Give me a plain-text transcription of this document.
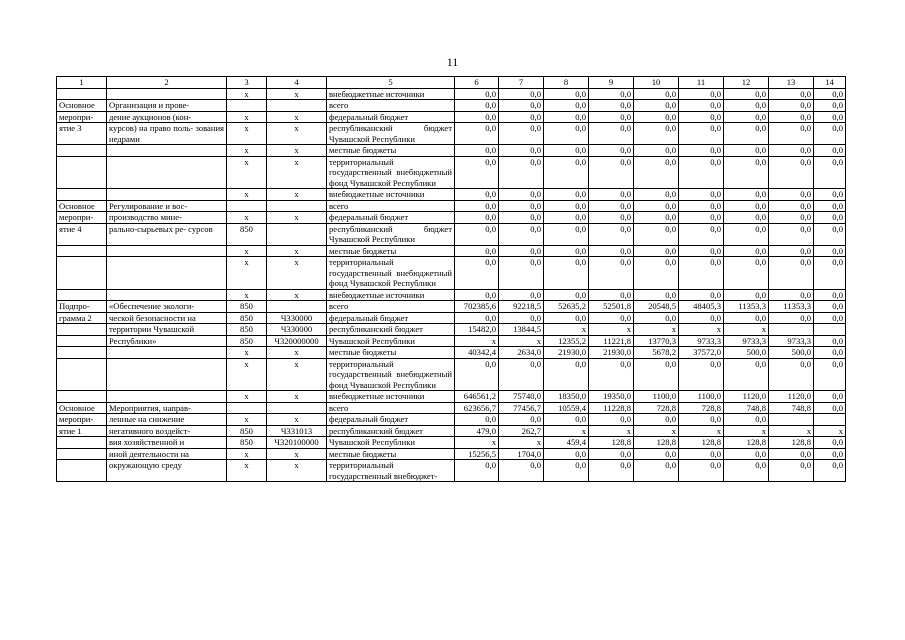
11
1	2	3	4	5	6	7	8	9	10	11	12	13	14
		x	x	внебюджетные источники	0,0	0,0	0,0	0,0	0,0	0,0	0,0	0,0	0,0
Основное	Организация и прове-			всего	0,0	0,0	0,0	0,0	0,0	0,0	0,0	0,0	0,0
меропри-	дение аукционов (кон-	x	x	федеральный бюджет	0,0	0,0	0,0	0,0	0,0	0,0	0,0	0,0	0,0
ятие 3	курсов) на право поль- зования недрами	x	x	республиканский бюджет Чувашской Республики	0,0	0,0	0,0	0,0	0,0	0,0	0,0	0,0	0,0
		x	x	местные бюджеты	0,0	0,0	0,0	0,0	0,0	0,0	0,0	0,0	0,0
		x	x	территориальный государственный внебюджетный фонд Чувашской Республики	0,0	0,0	0,0	0,0	0,0	0,0	0,0	0,0	0,0
		x	x	внебюджетные источники	0,0	0,0	0,0	0,0	0,0	0,0	0,0	0,0	0,0
Основное	Регулирование и вос-			всего	0,0	0,0	0,0	0,0	0,0	0,0	0,0	0,0	0,0
меропри-	производство мине-	x	x	федеральный бюджет	0,0	0,0	0,0	0,0	0,0	0,0	0,0	0,0	0,0
ятие 4	рально-сырьевых ре- сурсов	850		республиканский бюджет Чувашской Республики	0,0	0,0	0,0	0,0	0,0	0,0	0,0	0,0	0,0
		x	x	местные бюджеты	0,0	0,0	0,0	0,0	0,0	0,0	0,0	0,0	0,0
		x	x	территориальный государственный внебюджетный фонд Чувашской Республики	0,0	0,0	0,0	0,0	0,0	0,0	0,0	0,0	0,0
		x	x	внебюджетные источники	0,0	0,0	0,0	0,0	0,0	0,0	0,0	0,0	0,0
Подпро-	«Обеспечение экологи-	850		всего	702385,6	92218,5	52635,2	52501,8	20548,5	48405,3	11353,3	11353,3	0,0
грамма 2	ческой безопасности на	850	Ч330000	федеральный бюджет	0,0	0,0	0,0	0,0	0,0	0,0	0,0	0,0	0,0
	территории Чувашской	850	Ч330000	республиканский бюджет	15482,0	13844,5	x	x	x	x	x		
	Республики»	850	Ч320000000	Чувашской Республики	x	x	12355,2	11221,8	13770,3	9733,3	9733,3	9733,3	0,0
		x	x	местные бюджеты	40342,4	2634,0	21930,0	21930,0	5678,2	37572,0	500,0	500,0	0,0
		x	x	территориальный государственный внебюджетный фонд Чувашской Республики	0,0	0,0	0,0	0,0	0,0	0,0	0,0	0,0	0,0
		x	x	внебюджетные источники	646561,2	75740,0	18350,0	19350,0	1100,0	1100,0	1120,0	1120,0	0,0
Основное	Мероприятия, направ-			всего	623656,7	77456,7	10559,4	11228,8	728,8	728,8	748,8	748,8	0,0
меропри-	ленные на снижение	x	x	федеральный бюджет	0,0	0,0	0,0	0,0	0,0	0,0	0,0		
ятие 1	негативного воздейст-	850	Ч331013	республиканский бюджет	479,0	262,7	x	x	x	x	x	x	x
	вия хозяйственной и	850	Ч320100000	Чувашской Республики	x	x	459,4	128,8	128,8	128,8	128,8	128,8	0,0
	иной деятельности на	x	x	местные бюджеты	15256,5	1704,0	0,0	0,0	0,0	0,0	0,0	0,0	0,0
	окружающую среду	x	x	территориальный государственный внебюджет-	0,0	0,0	0,0	0,0	0,0	0,0	0,0	0,0	0,0
